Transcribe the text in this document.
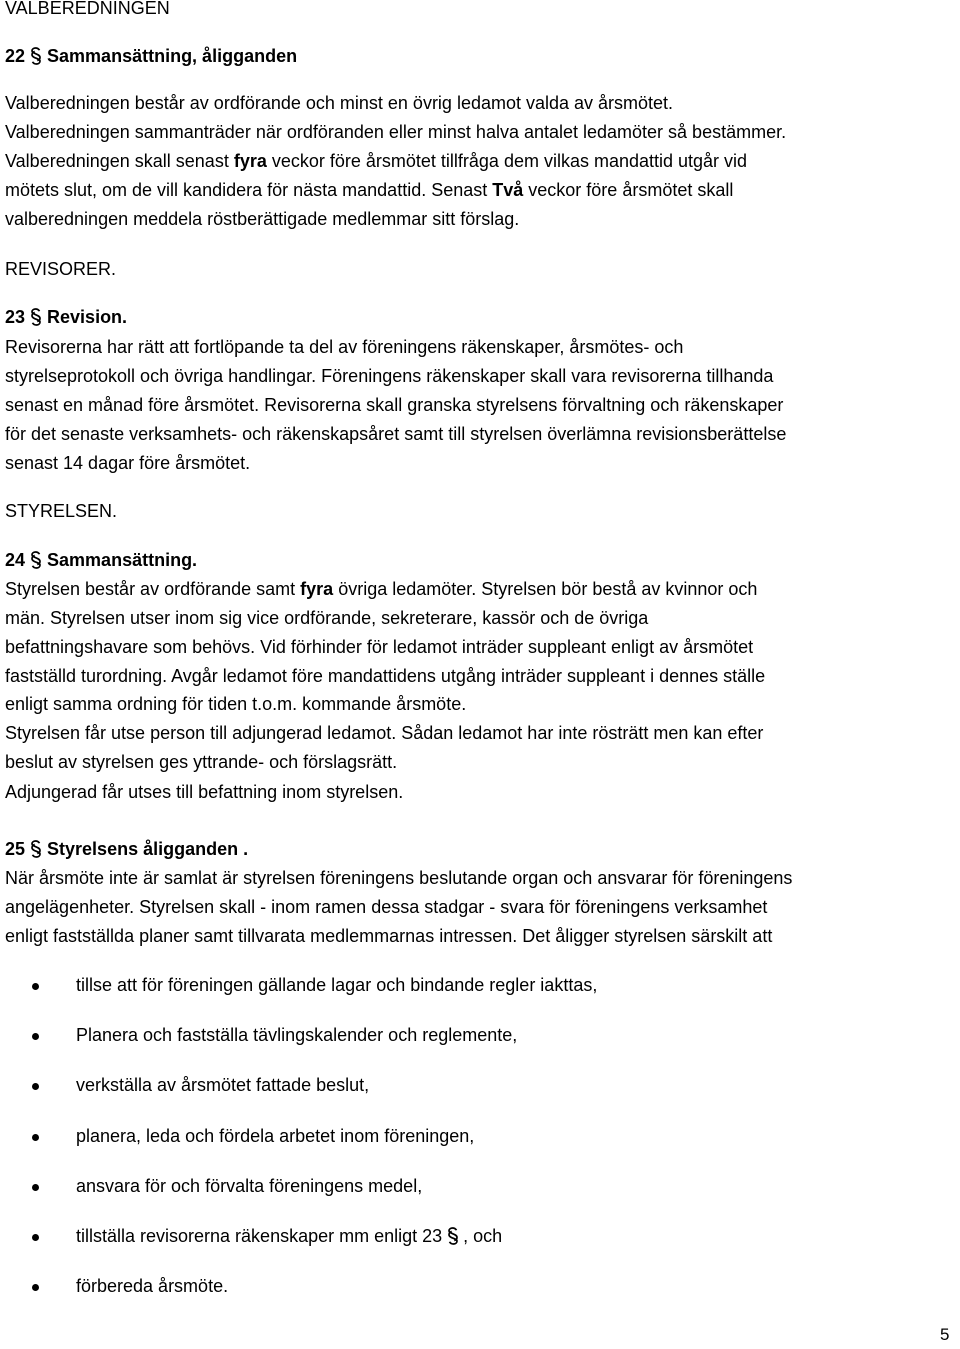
VALBEREDNINGEN
22 Sammansättning, åligganden
Valberedningen består av ordförande och minst en övrig ledamot valda av årsmötet.
Valberedningen sammanträder när ordföranden eller minst halva antalet ledamöter så bestämmer.
Valberedningen skall senast fyra veckor före årsmötet tillfråga dem vilkas mandattid utgår vid
mötets slut, om de vill kandidera för nästa mandattid. Senast Två veckor före årsmötet skall
valberedningen meddela röstberättigade medlemmar sitt förslag.
REVISORER.
23 Revision.
Revisorerna har rätt att fortlöpande ta del av föreningens räkenskaper, årsmötes- och
styrelseprotokoll och övriga handlingar. Föreningens räkenskaper skall vara revisorerna tillhanda
senast en månad före årsmötet. Revisorerna skall granska styrelsens förvaltning och räkenskaper
för det senaste verksamhets- och räkenskapsåret samt till styrelsen överlämna revisionsberättelse
senast 14 dagar före årsmötet.
STYRELSEN.
24 Sammansättning.
Styrelsen består av ordförande samt fyra övriga ledamöter. Styrelsen bör bestå av kvinnor och
män. Styrelsen utser inom sig vice ordförande, sekreterare, kassör och de övriga
befattningshavare som behövs. Vid förhinder för ledamot inträder suppleant enligt av årsmötet
fastställd turordning. Avgår ledamot före mandattidens utgång inträder suppleant i dennes ställe
enligt samma ordning för tiden t.o.m. kommande årsmöte.
Styrelsen får utse person till adjungerad ledamot. Sådan ledamot har inte rösträtt men kan efter
beslut av styrelsen ges yttrande- och förslagsrätt.
Adjungerad får utses till befattning inom styrelsen.
25 Styrelsens åligganden .
När årsmöte inte är samlat är styrelsen föreningens beslutande organ och ansvarar för föreningens
angelägenheter. Styrelsen skall - inom ramen dessa stadgar - svara för föreningens verksamhet
enligt fastställda planer samt tillvarata medlemmarnas intressen. Det åligger styrelsen särskilt att
tillse att för föreningen gällande lagar och bindande regler iakttas,
Planera och fastställa tävlingskalender och reglemente,
verkställa av årsmötet fattade beslut,
planera, leda och fördela arbetet inom föreningen,
ansvara för och förvalta föreningens medel,
tillställa revisorerna räkenskaper mm enligt 23 , och
förbereda årsmöte.
5
